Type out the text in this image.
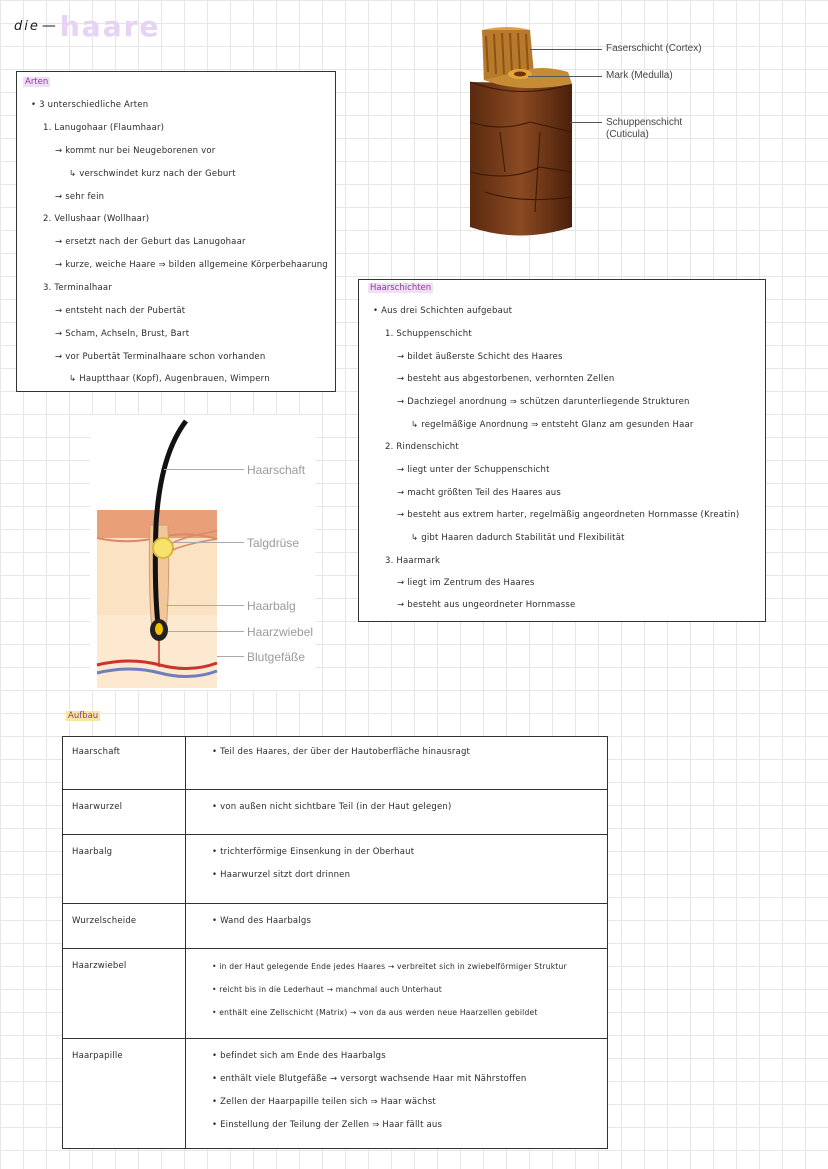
$^{die}$ —haare
Arten
• 3 unterschiedliche Arten
1. Lanugohaar (Flaumhaar)
→ kommt nur bei Neugeborenen vor
↳ verschwindet kurz nach der Geburt
→ sehr fein
2. Vellushaar (Wollhaar)
→ ersetzt nach der Geburt das Lanugohaar
→ kurze, weiche Haare ⇒ bilden allgemeine Körperbehaarung
3. Terminalhaar
→ entsteht nach der Pubertät
→ Scham, Achseln, Brust, Bart
→ vor Pubertät Terminalhaare schon vorhanden
↳ Hauptthaar (Kopf), Augenbrauen, Wimpern
Faserschicht (Cortex)
Mark (Medulla)
Schuppenschicht
(Cuticula)
Haarschichten
• Aus drei Schichten aufgebaut
1. Schuppenschicht
→ bildet äußerste Schicht des Haares
→ besteht aus abgestorbenen, verhornten Zellen
→ Dachziegel anordnung ⇒ schützen darunterliegende Strukturen
↳ regelmäßige Anordnung ⇒ entsteht Glanz am gesunden Haar
2. Rindenschicht
→ liegt unter der Schuppenschicht
→ macht größten Teil des Haares aus
→ besteht aus extrem harter, regelmäßig angeordneten Hornmasse (Kreatin)
↳ gibt Haaren dadurch Stabilität und Flexibilität
3. Haarmark
→ liegt im Zentrum des Haares
→ besteht aus ungeordneter Hornmasse
Haarschaft
Talgdrüse
Haarbalg
Haarzwiebel
Blutgefäße
Aufbau
Haarschaft	• Teil des Haares, der über der Hautoberfläche hinausragt

Haarwurzel	• von außen nicht sichtbare Teil (in der Haut gelegen)

Haarbalg	• trichterförmige Einsenkung in der Oberhaut
• Haarwurzel sitzt dort drinnen

Wurzelscheide	• Wand des Haarbalgs

Haarzwiebel	• in der Haut gelegende Ende jedes Haares → verbreitet sich in zwiebelförmiger Struktur
• reicht bis in die Lederhaut → manchmal auch Unterhaut
• enthält eine Zellschicht (Matrix) → von da aus werden neue Haarzellen gebildet

Haarpapille	• befindet sich am Ende des Haarbalgs
• enthält viele Blutgefäße → versorgt wachsende Haar mit Nährstoffen
• Zellen der Haarpapille teilen sich ⇒ Haar wächst
• Einstellung der Teilung der Zellen ⇒ Haar fällt aus
